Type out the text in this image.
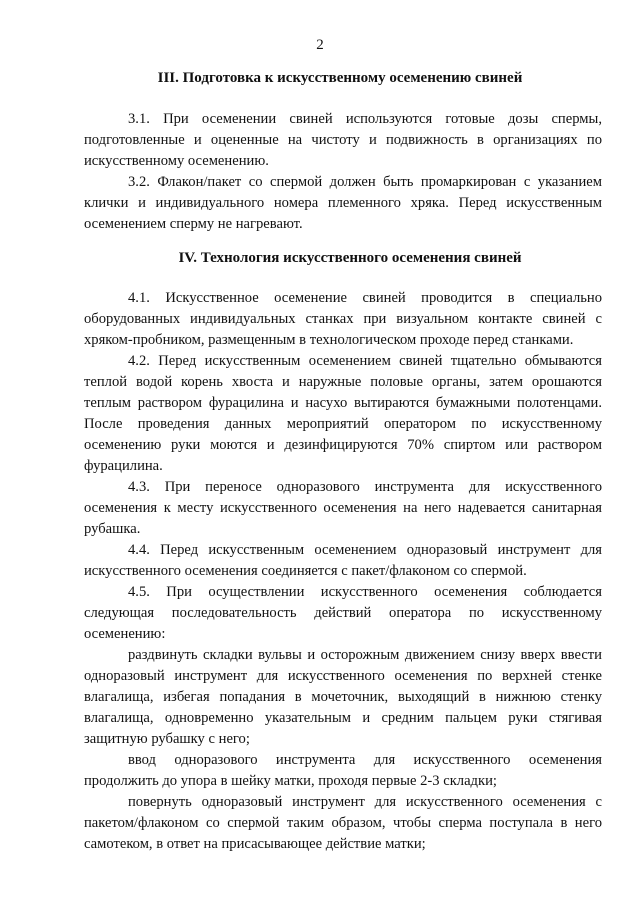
2
III. Подготовка к искусственному осеменению свиней

3.1. При осеменении свиней используются готовые дозы спермы, подготовленные и оцененные на чистоту и подвижность в организациях по искусственному осеменению.

3.2. Флакон/пакет со спермой должен быть промаркирован с указанием клички и индивидуального номера племенного хряка. Перед искусственным осеменением сперму не нагревают.

IV. Технология искусственного осеменения свиней

4.1. Искусственное осеменение свиней проводится в специально оборудованных индивидуальных станках при визуальном контакте свиней с хряком-пробником, размещенным в технологическом проходе перед станками.

4.2. Перед искусственным осеменением свиней тщательно обмываются теплой водой корень хвоста и наружные половые органы, затем орошаются теплым раствором фурацилина и насухо вытираются бумажными полотенцами. После проведения данных мероприятий оператором по искусственному осеменению руки моются и дезинфицируются 70% спиртом или раствором фурацилина.

4.3. При переносе одноразового инструмента для искусственного осеменения к месту искусственного осеменения на него надевается санитарная рубашка.

4.4. Перед искусственным осеменением одноразовый инструмент для искусственного осеменения соединяется с пакет/флаконом со спермой.

4.5. При осуществлении искусственного осеменения соблюдается следующая последовательность действий оператора по искусственному осеменению:

раздвинуть складки вульвы и осторожным движением снизу вверх ввести одноразовый инструмент для искусственного осеменения по верхней стенке влагалища, избегая попадания в мочеточник, выходящий в нижнюю стенку влагалища, одновременно указательным и средним пальцем руки стягивая защитную рубашку с него;

ввод одноразового инструмента для искусственного осеменения продолжить до упора в шейку матки, проходя первые 2-3 складки;

повернуть одноразовый инструмент для искусственного осеменения с пакетом/флаконом со спермой таким образом, чтобы сперма поступала в него самотеком, в ответ на присасывающее действие матки;
